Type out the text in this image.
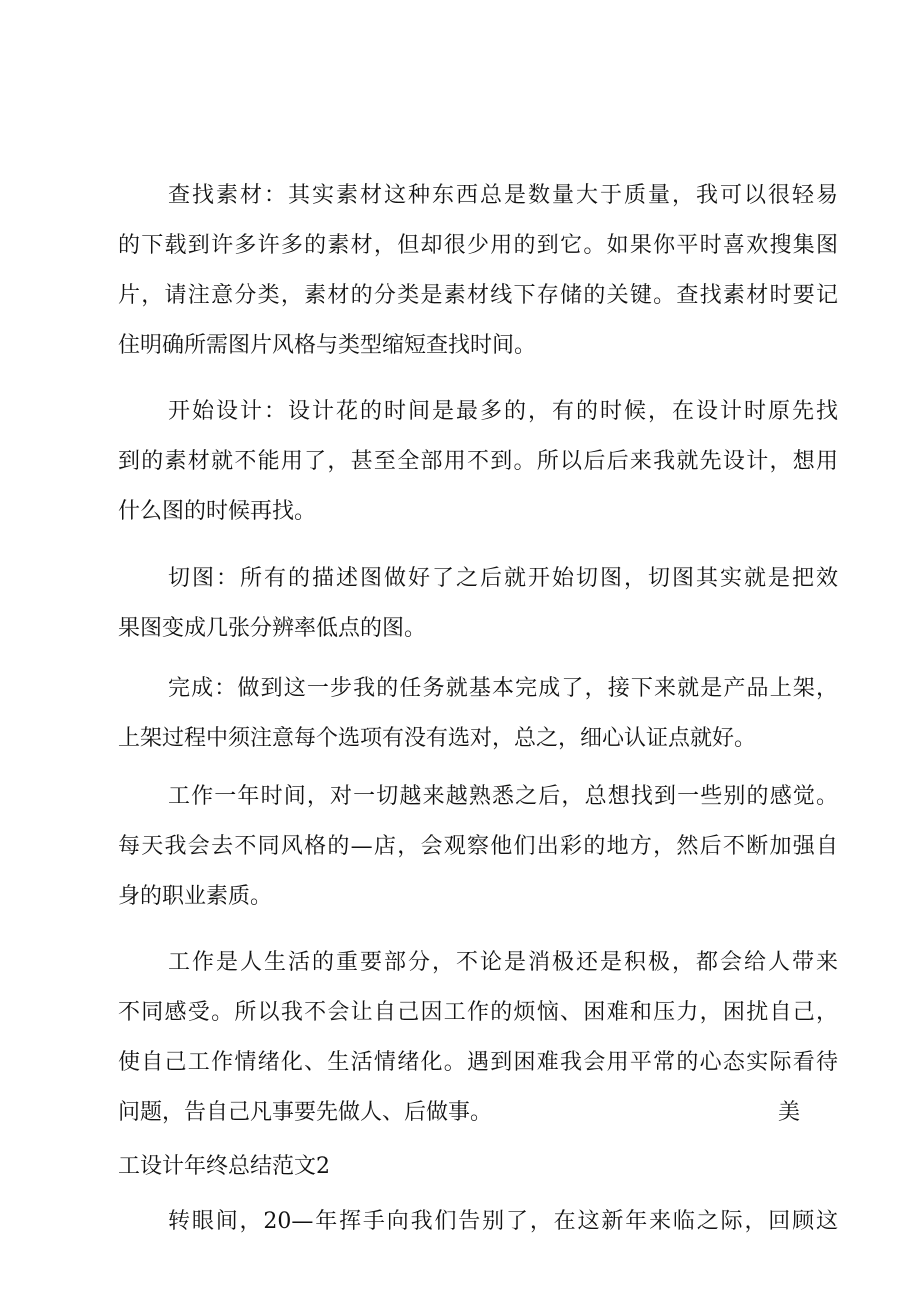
查找素材：其实素材这种东西总是数量大于质量，我可以很轻易
的下载到许多许多的素材，但却很少用的到它。如果你平时喜欢搜集图
片，请注意分类，素材的分类是素材线下存储的关键。查找素材时要记
住明确所需图片风格与类型缩短查找时间。
开始设计：设计花的时间是最多的，有的时候，在设计时原先找
到的素材就不能用了，甚至全部用不到。所以后后来我就先设计，想用
什么图的时候再找。
切图：所有的描述图做好了之后就开始切图，切图其实就是把效
果图变成几张分辨率低点的图。
完成：做到这一步我的任务就基本完成了，接下来就是产品上架，
上架过程中须注意每个选项有没有选对，总之，细心认证点就好。
工作一年时间，对一切越来越熟悉之后，总想找到一些别的感觉。
每天我会去不同风格的—店，会观察他们出彩的地方，然后不断加强自
身的职业素质。
工作是人生活的重要部分，不论是消极还是积极，都会给人带来
不同感受。所以我不会让自己因工作的烦恼、困难和压力，困扰自己，
使自己工作情绪化、生活情绪化。遇到困难我会用平常的心态实际看待
问题，告自己凡事要先做人、后做事。	美
工设计年终总结范文2
转眼间，20—年挥手向我们告别了，在这新年来临之际，回顾这
